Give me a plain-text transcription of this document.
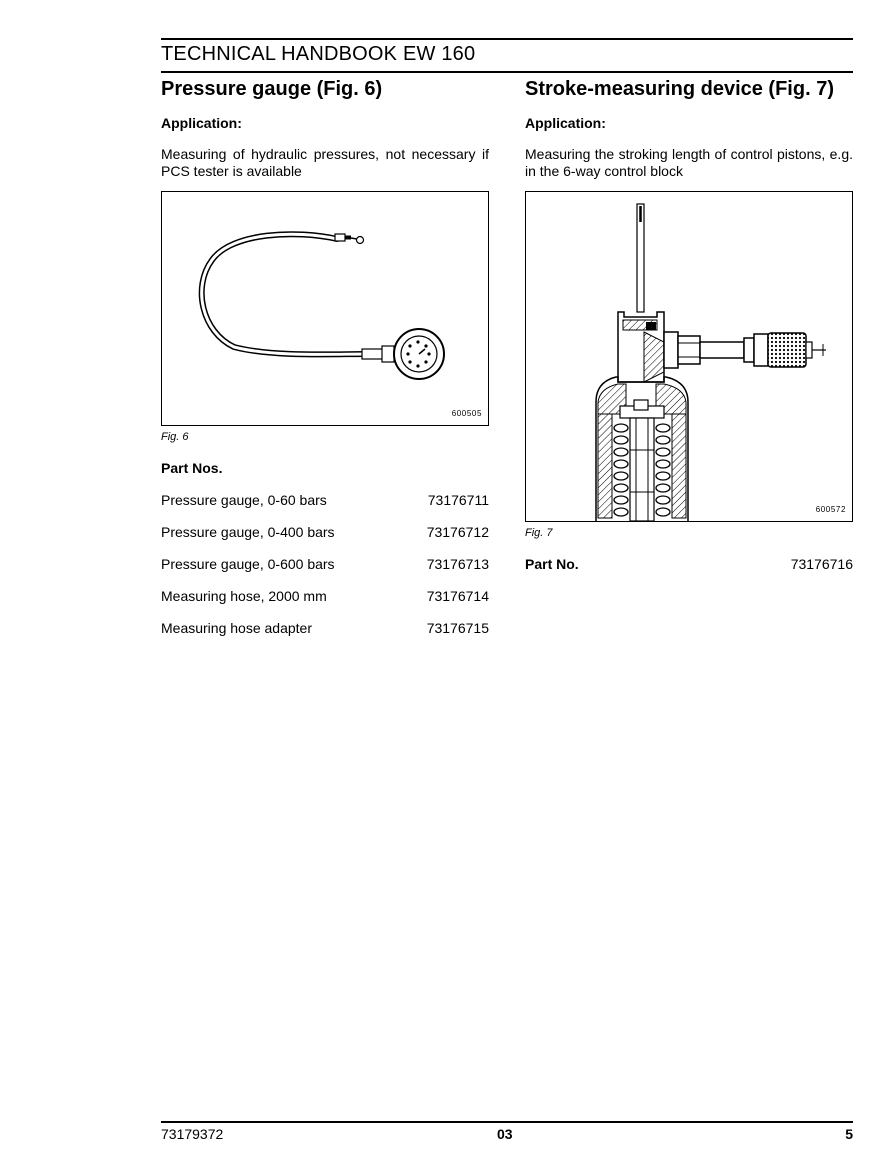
TECHNICAL HANDBOOK EW 160
Pressure gauge (Fig. 6)
Application:
Measuring of hydraulic pressures, not necessary if PCS tester is available
600505
Fig. 6
Part Nos.
Pressure gauge, 0-60 bars	73176711
Pressure gauge, 0-400 bars	73176712
Pressure gauge, 0-600 bars	73176713
Measuring hose, 2000 mm	73176714
Measuring hose adapter	73176715
Stroke-measuring device (Fig. 7)
Application:
Measuring the stroking length of control pistons, e.g. in the 6-way control block
600572
Fig. 7
Part No.	73176716
73179372	03	5
